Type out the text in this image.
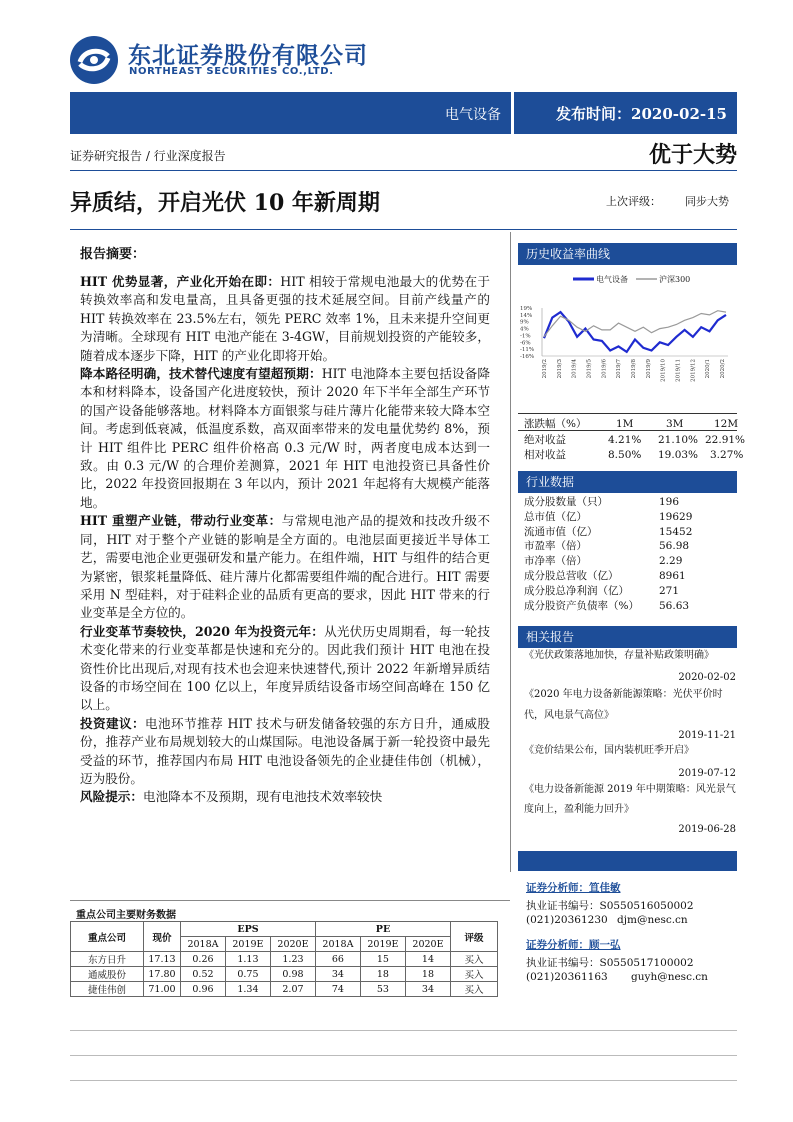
东北证券股份有限公司
NORTHEAST SECURITIES CO.,LTD.
电气设备	发布时间：2020-02-15
证券研究报告 / 行业深度报告	优于大势
异质结，开启光伏 10 年新周期	上次评级： 同步大势
报告摘要：

HIT 优势显著，产业化开始在即：HIT 相较于常规电池最大的优势在于转换效率高和发电量高，且具备更强的技术延展空间。目前产线量产的 HIT 转换效率在 23.5%左右，领先 PERC 效率 1%，且未来提升空间更为清晰。全球现有 HIT 电池产能在 3-4GW，目前规划投资的产能较多，随着成本逐步下降，HIT 的产业化即将开始。

降本路径明确，技术替代速度有望超预期：HIT 电池降本主要包括设备降本和材料降本，设备国产化进度较快，预计 2020 年下半年全部生产环节的国产设备能够落地。材料降本方面银浆与硅片薄片化能带来较大降本空间。考虑到低衰减，低温度系数，高双面率带来的发电量优势约 8%，预计 HIT 组件比 PERC 组件价格高 0.3 元/W 时，两者度电成本达到一致。由 0.3 元/W 的合理价差测算，2021 年 HIT 电池投资已具备性价比，2022 年投资回报期在 3 年以内，预计 2021 年起将有大规模产能落地。

HIT 重塑产业链，带动行业变革：与常规电池产品的提效和技改升级不同，HIT 对于整个产业链的影响是全方面的。电池层面更接近半导体工艺，需要电池企业更强研发和量产能力。在组件端，HIT 与组件的结合更为紧密，银浆耗量降低、硅片薄片化都需要组件端的配合进行。HIT 需要采用 N 型硅料，对于硅料企业的品质有更高的要求，因此 HIT 带来的行业变革是全方位的。

行业变革节奏较快，2020 年为投资元年：从光伏历史周期看，每一轮技术变化带来的行业变革都是快速和充分的。因此我们预计 HIT 电池在投资性价比出现后,对现有技术也会迎来快速替代,预计 2022 年新增异质结设备的市场空间在 100 亿以上，年度异质结设备市场空间高峰在 150 亿以上。

投资建议：电池环节推荐 HIT 技术与研发储备较强的东方日升，通威股份，推荐产业布局规划较大的山煤国际。电池设备属于新一轮投资中最先受益的环节，推荐国内布局 HIT 电池设备领先的企业捷佳伟创（机械），迈为股份。

风险提示：电池降本不及预期，现有电池技术效率较快

历史收益率曲线
电气设备	沪深300
19%
14%
9%
4%
-1%
-6%
-11%
-16%
2019/2 2019/3 2019/4 2019/5 2019/6 2019/7 2019/8 2019/9 2019/10 2019/11 2019/12 2020/1 2020/2
涨跌幅（%）	1M	3M	12M
绝对收益	4.21% 21.10% 22.91%
相对收益	8.50% 19.03% 3.27%
行业数据
成分股数量（只）	196
总市值（亿）	19629
流通市值（亿）	15452
市盈率（倍）	56.98
市净率（倍）	2.29
成分股总营收（亿）	8961
成分股总净利润（亿）	271
成分股资产负债率（%） 56.63
相关报告
《光伏政策落地加快，存量补贴政策明确》
2020-02-02
《2020 年电力设备新能源策略：光伏平价时代，风电景气高位》
2019-11-21
《竞价结果公布，国内装机旺季开启》
2019-07-12
《电力设备新能源 2019 年中期策略：风光景气度向上，盈利能力回升》
2019-06-28
证券分析师：笪佳敏
执业证书编号：S0550516050002
(021)20361230 djm@nesc.cn
证券分析师：顾一弘
执业证书编号：S0550517100002
(021)20361163 guyh@nesc.cn
重点公司主要财务数据
重点公司	现价	EPS			PE			评级
		2018A	2019E	2020E	2018A	2019E	2020E	
东方日升	17.13	0.26	1.13	1.23	66	15	14	买入
通威股份	17.80	0.52	0.75	0.98	34	18	18	买入
捷佳伟创	71.00	0.96	1.34	2.07	74	53	34	买入
